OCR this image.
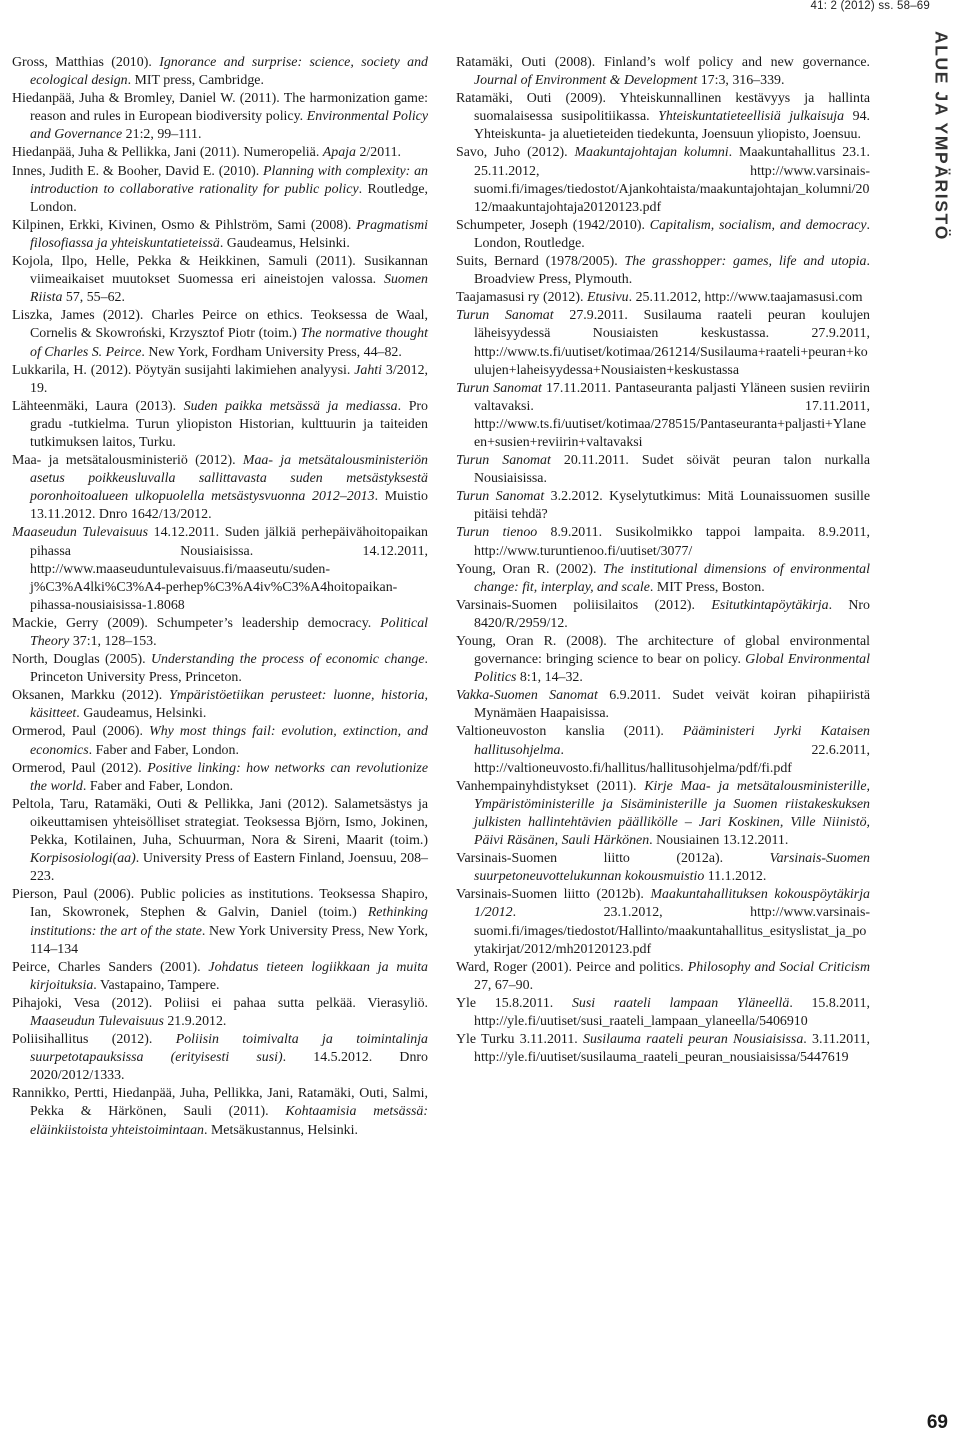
41: 2 (2012) ss. 58–69
ALUE JA YMPÄRISTÖ

Gross, Matthias (2010). Ignorance and surprise: science, society and ecological design. MIT press, Cambridge.

Hiedanpää, Juha & Bromley, Daniel W. (2011). The harmonization game: reason and rules in European biodiversity policy. Environmental Policy and Governance 21:2, 99–111.

Hiedanpää, Juha & Pellikka, Jani (2011). Numeropeliä. Apaja 2/2011.

Innes, Judith E. & Booher, David E. (2010). Planning with complexity: an introduction to collaborative rationality for public policy. Routledge, London.

Kilpinen, Erkki, Kivinen, Osmo & Pihlström, Sami (2008). Pragmatismi filosofiassa ja yhteiskuntatieteissä. Gaudeamus, Helsinki.

Kojola, Ilpo, Helle, Pekka & Heikkinen, Samuli (2011). Susikannan viimeaikaiset muutokset Suomessa eri aineistojen valossa. Suomen Riista 57, 55–62.

Liszka, James (2012). Charles Peirce on ethics. Teoksessa de Waal, Cornelis & Skowroński, Krzysztof Piotr (toim.) The normative thought of Charles S. Peirce. New York, Fordham University Press, 44–82.

Lukkarila, H. (2012). Pöytyän susijahti lakimiehen analyysi. Jahti 3/2012, 19.

Lähteenmäki, Laura (2013). Suden paikka metsässä ja mediassa. Pro gradu -tutkielma. Turun yliopiston Historian, kulttuurin ja taiteiden tutkimuksen laitos, Turku.

Maa- ja metsätalousministeriö (2012). Maa- ja metsätalousministeriön asetus poikkeusluvalla sallittavasta suden metsästyksestä poronhoitoalueen ulkopuolella metsästysvuonna 2012–2013. Muistio 13.11.2012. Dnro 1642/13/2012.

Maaseudun Tulevaisuus 14.12.2011. Suden jälkiä perhepäivähoitopaikan pihassa Nousiaisissa. 14.12.2011, http://www.maaseuduntulevaisuus.fi/maaseutu/suden-j%C3%A4lki%C3%A4-perhep%C3%A4iv%C3%A4hoitopaikan-pihassa-nousiaisissa-1.8068

Mackie, Gerry (2009). Schumpeter’s leadership democracy. Political Theory 37:1, 128–153.

North, Douglas (2005). Understanding the process of economic change. Princeton University Press, Princeton.

Oksanen, Markku (2012). Ympäristöetiikan perusteet: luonne, historia, käsitteet. Gaudeamus, Helsinki.

Ormerod, Paul (2006). Why most things fail: evolution, extinction, and economics. Faber and Faber, London.

Ormerod, Paul (2012). Positive linking: how networks can revolutionize the world. Faber and Faber, London.

Peltola, Taru, Ratamäki, Outi & Pellikka, Jani (2012). Salametsästys ja oikeuttamisen yhteisölliset strategiat. Teoksessa Björn, Ismo, Jokinen, Pekka, Kotilainen, Juha, Schuurman, Nora & Sireni, Maarit (toim.) Korpisosiologi(aa). University Press of Eastern Finland, Joensuu, 208–223.

Pierson, Paul (2006). Public policies as institutions. Teoksessa Shapiro, Ian, Skowronek, Stephen & Galvin, Daniel (toim.) Rethinking institutions: the art of the state. New York University Press, New York, 114–134

Peirce, Charles Sanders (2001). Johdatus tieteen logiikkaan ja muita kirjoituksia. Vastapaino, Tampere.

Pihajoki, Vesa (2012). Poliisi ei pahaa sutta pelkää. Vierasyliö. Maaseudun Tulevaisuus 21.9.2012.

Poliisihallitus (2012). Poliisin toimivalta ja toimintalinja suurpetotapauksissa (erityisesti susi). 14.5.2012. Dnro 2020/2012/1333.

Rannikko, Pertti, Hiedanpää, Juha, Pellikka, Jani, Ratamäki, Outi, Salmi, Pekka & Härkönen, Sauli (2011). Kohtaamisia metsässä: eläinkiistoista yhteistoimintaan. Metsäkustannus, Helsinki.

Ratamäki, Outi (2008). Finland’s wolf policy and new governance. Journal of Environment & Development 17:3, 316–339.

Ratamäki, Outi (2009). Yhteiskunnallinen kestävyys ja hallinta suomalaisessa susipolitiikassa. Yhteiskuntatieteellisiä julkaisuja 94. Yhteiskunta- ja aluetieteiden tiedekunta, Joensuun yliopisto, Joensuu.

Savo, Juho (2012). Maakuntajohtajan kolumni. Maakuntahallitus 23.1. 25.11.2012, http://www.varsinais-suomi.fi/images/tiedostot/Ajankohtaista/maakuntajohtajan_kolumni/2012/maakuntajohtaja20120123.pdf

Schumpeter, Joseph (1942/2010). Capitalism, socialism, and democracy. London, Routledge.

Suits, Bernard (1978/2005). The grasshopper: games, life and utopia. Broadview Press, Plymouth.

Taajamasusi ry (2012). Etusivu. 25.11.2012, http://www.taajamasusi.com

Turun Sanomat 27.9.2011. Susilauma raateli peuran koulujen läheisyydessä Nousiaisten keskustassa. 27.9.2011, http://www.ts.fi/uutiset/kotimaa/261214/Susilauma+raateli+peuran+koulujen+laheisyydessa+Nousiaisten+keskustassa

Turun Sanomat 17.11.2011. Pantaseuranta paljasti Yläneen susien reviirin valtavaksi. 17.11.2011, http://www.ts.fi/uutiset/kotimaa/278515/Pantaseuranta+paljasti+Ylaneen+susien+reviirin+valtavaksi

Turun Sanomat 20.11.2011. Sudet söivät peuran talon nurkalla Nousiaisissa.

Turun Sanomat 3.2.2012. Kyselytutkimus: Mitä Lounaissuomen susille pitäisi tehdä?

Turun tienoo 8.9.2011. Susikolmikko tappoi lampaita. 8.9.2011, http://www.turuntienoo.fi/uutiset/3077/

Young, Oran R. (2002). The institutional dimensions of environmental change: fit, interplay, and scale. MIT Press, Boston.

Varsinais-Suomen poliisilaitos (2012). Esitutkintapöytäkirja. Nro 8420/R/2959/12.

Young, Oran R. (2008). The architecture of global environmental governance: bringing science to bear on policy. Global Environmental Politics 8:1, 14–32.

Vakka-Suomen Sanomat 6.9.2011. Sudet veivät koiran pihapiiristä Mynämäen Haapaisissa.

Valtioneuvoston kanslia (2011). Pääministeri Jyrki Kataisen hallitusohjelma. 22.6.2011, http://valtioneuvosto.fi/hallitus/hallitusohjelma/pdf/fi.pdf

Vanhempainyhdistykset (2011). Kirje Maa- ja metsätalousministerille, Ympäristöministerille ja Sisäministerille ja Suomen riistakeskuksen julkisten hallintehtävien päällikölle – Jari Koskinen, Ville Niinistö, Päivi Räsänen, Sauli Härkönen. Nousiainen 13.12.2011.

Varsinais-Suomen liitto (2012a). Varsinais-Suomen suurpetoneuvottelukunnan kokousmuistio 11.1.2012.

Varsinais-Suomen liitto (2012b). Maakuntahallituksen kokouspöytäkirja 1/2012. 23.1.2012, http://www.varsinais-suomi.fi/images/tiedostot/Hallinto/maakuntahallitus_esityslistat_ja_poytakirjat/2012/mh20120123.pdf

Ward, Roger (2001). Peirce and politics. Philosophy and Social Criticism 27, 67–90.

Yle 15.8.2011. Susi raateli lampaan Yläneellä. 15.8.2011, http://yle.fi/uutiset/susi_raateli_lampaan_ylaneella/5406910

Yle Turku 3.11.2011. Susilauma raateli peuran Nousiaisissa. 3.11.2011, http://yle.fi/uutiset/susilauma_raateli_peuran_nousiaisissa/5447619

69
